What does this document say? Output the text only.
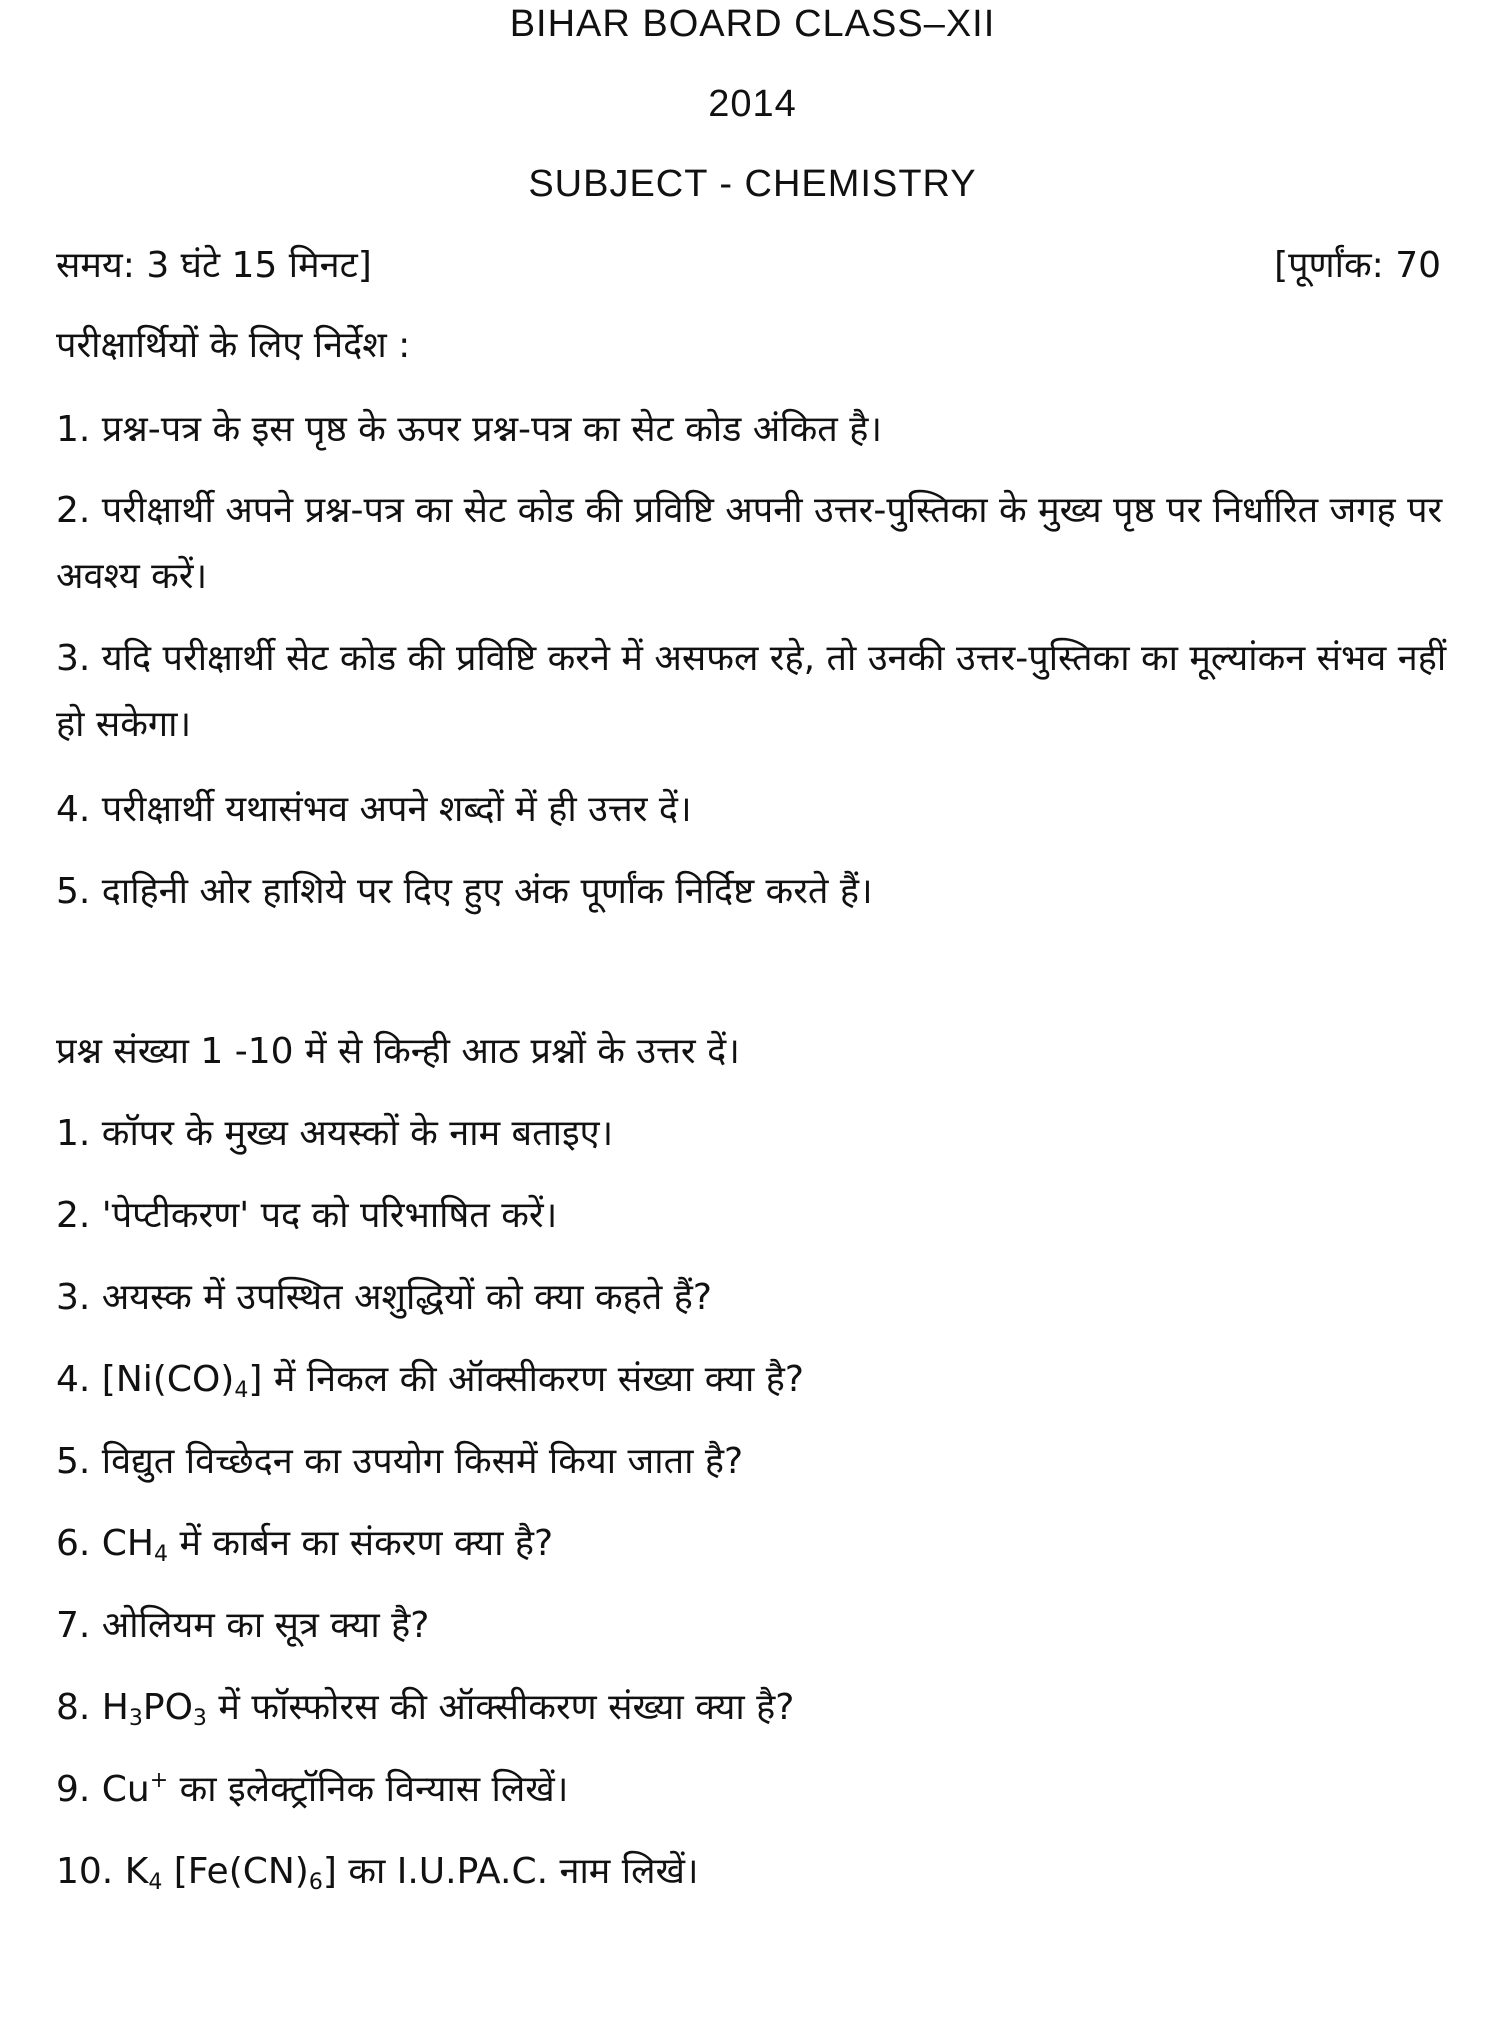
BIHAR BOARD CLASS–XII
2014
SUBJECT - CHEMISTRY
समय: 3 घंटे 15 मिनट]	[पूर्णांक: 70
परीक्षार्थियों के लिए निर्देश :
1. प्रश्न-पत्र के इस पृष्ठ के ऊपर प्रश्न-पत्र का सेट कोड अंकित है।
2. परीक्षार्थी अपने प्रश्न-पत्र का सेट कोड की प्रविष्टि अपनी उत्तर-पुस्तिका के मुख्य पृष्ठ पर निर्धारित जगह पर अवश्य करें।
3. यदि परीक्षार्थी सेट कोड की प्रविष्टि करने में असफल रहे, तो उनकी उत्तर-पुस्तिका का मूल्यांकन संभव नहीं हो सकेगा।
4. परीक्षार्थी यथासंभव अपने शब्दों में ही उत्तर दें।
5. दाहिनी ओर हाशिये पर दिए हुए अंक पूर्णांक निर्दिष्ट करते हैं।
प्रश्न संख्या 1 -10 में से किन्ही आठ प्रश्नों के उत्तर दें।
1. कॉपर के मुख्य अयस्कों के नाम बताइए।
2. 'पेप्टीकरण' पद को परिभाषित करें।
3. अयस्क में उपस्थित अशुद्धियों को क्या कहते हैं?
4. $[Ni(CO)_4]$ में निकल की ऑक्सीकरण संख्या क्या है?
5. विद्युत विच्छेदन का उपयोग किसमें किया जाता है?
6. $CH_4$ में कार्बन का संकरण क्या है?
7. ओलियम का सूत्र क्या है?
8. $H_3PO_3$ में फॉस्फोरस की ऑक्सीकरण संख्या क्या है?
9. Cu+ का इलेक्ट्रॉनिक विन्यास लिखें।
10. $K_4$ $[Fe(CN)_6]$ का I.U.PA.C. नाम लिखें।
